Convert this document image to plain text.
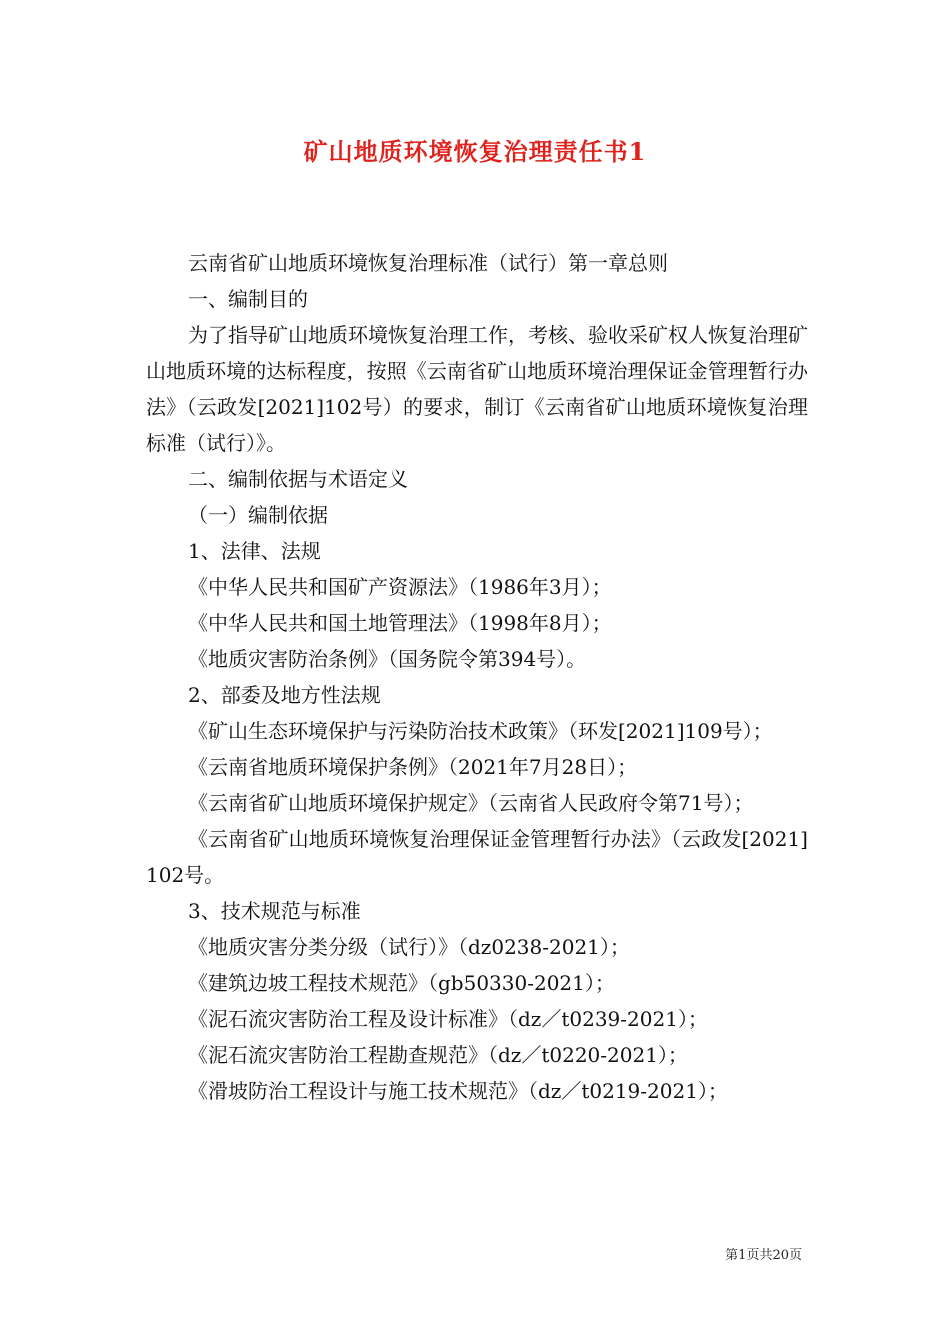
矿山地质环境恢复治理责任书1

云南省矿山地质环境恢复治理标准（试行）第一章总则

一、编制目的

为了指导矿山地质环境恢复治理工作，考核、验收采矿权人恢复治理矿山地质环境的达标程度，按照《云南省矿山地质环境治理保证金管理暂行办法》（云政发[2021]102号）的要求，制订《云南省矿山地质环境恢复治理标准（试行）》。

二、编制依据与术语定义

（一）编制依据

1、法律、法规

《中华人民共和国矿产资源法》（1986年3月）；

《中华人民共和国土地管理法》（1998年8月）；

《地质灾害防治条例》（国务院令第394号）。

2、部委及地方性法规

《矿山生态环境保护与污染防治技术政策》（环发[2021]109号）；

《云南省地质环境保护条例》（2021年7月28日）；

《云南省矿山地质环境保护规定》（云南省人民政府令第71号）；

《云南省矿山地质环境恢复治理保证金管理暂行办法》（云政发[2021]102号。

3、技术规范与标准

《地质灾害分类分级（试行）》（dz0238-2021）；

《建筑边坡工程技术规范》（gb50330-2021）；

《泥石流灾害防治工程及设计标准》（dz／t0239-2021）；

《泥石流灾害防治工程勘查规范》（dz／t0220-2021）；

《滑坡防治工程设计与施工技术规范》（dz／t0219-2021）；

第1页共20页
